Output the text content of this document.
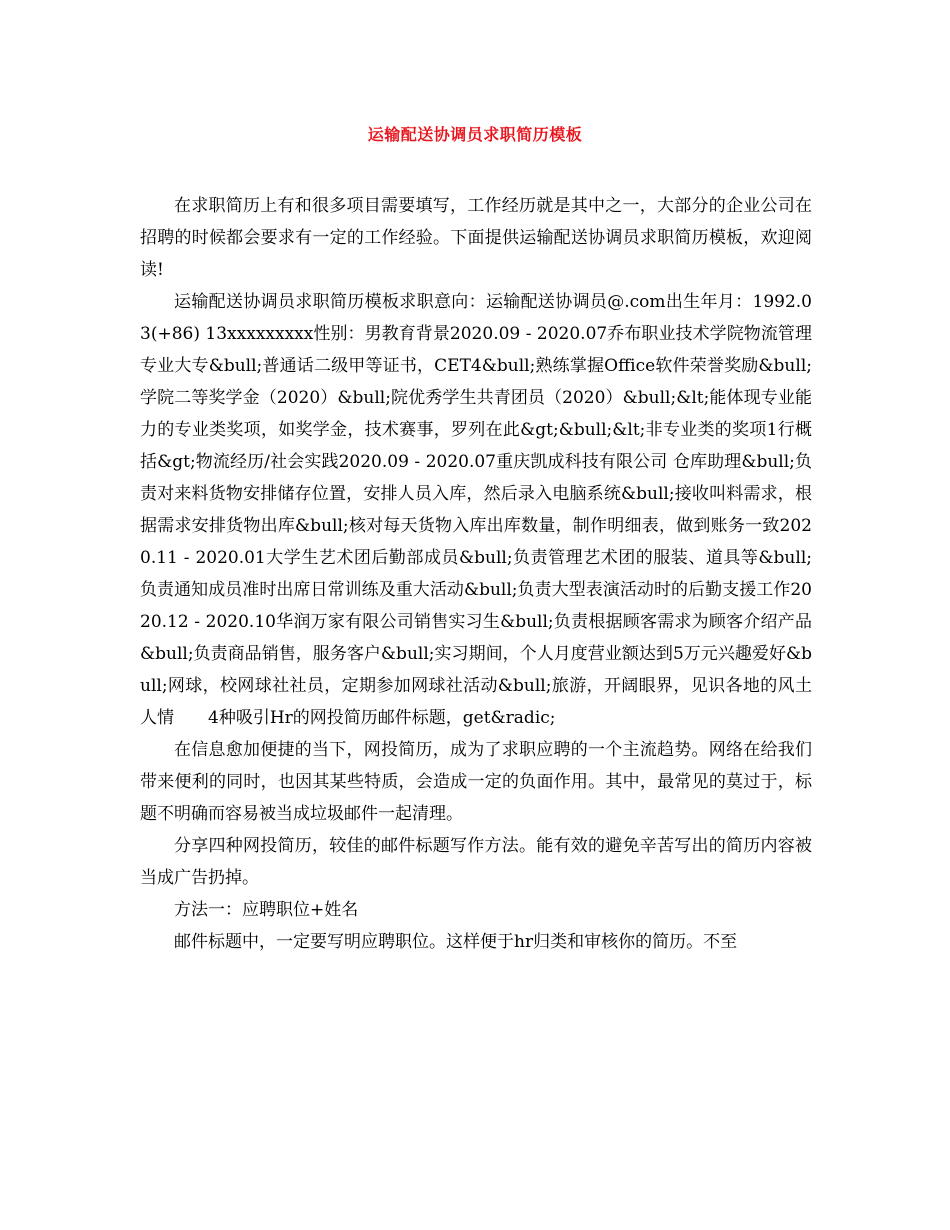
运输配送协调员求职简历模板

在求职简历上有和很多项目需要填写，工作经历就是其中之一，大部分的企业公司在招聘的时候都会要求有一定的工作经验。下面提供运输配送协调员求职简历模板，欢迎阅读!

运输配送协调员求职简历模板求职意向：运输配送协调员@.com出生年月：1992.03(+86) 13xxxxxxxxx性别：男教育背景2020.09 - 2020.07乔布职业技术学院物流管理专业大专&bull;普通话二级甲等证书，CET4&bull;熟练掌握Office软件荣誉奖励&bull;学院二等奖学金（2020）&bull;院优秀学生共青团员（2020）&bull;&lt;能体现专业能力的专业类奖项，如奖学金，技术赛事，罗列在此&gt;&bull;&lt;非专业类的奖项1行概括&gt;物流经历/社会实践2020.09 - 2020.07重庆凯成科技有限公司 仓库助理&bull;负责对来料货物安排储存位置，安排人员入库，然后录入电脑系统&bull;接收叫料需求，根据需求安排货物出库&bull;核对每天货物入库出库数量，制作明细表，做到账务一致2020.11 - 2020.01大学生艺术团后勤部成员&bull;负责管理艺术团的服装、道具等&bull;负责通知成员准时出席日常训练及重大活动&bull;负责大型表演活动时的后勤支援工作2020.12 - 2020.10华润万家有限公司销售实习生&bull;负责根据顾客需求为顾客介绍产品&bull;负责商品销售，服务客户&bull;实习期间，个人月度营业额达到5万元兴趣爱好&bull;网球，校网球社社员，定期参加网球社活动&bull;旅游，开阔眼界，见识各地的风土人情　　4种吸引Hr的网投简历邮件标题，get&radic;

在信息愈加便捷的当下，网投简历，成为了求职应聘的一个主流趋势。网络在给我们带来便利的同时，也因其某些特质，会造成一定的负面作用。其中，最常见的莫过于，标题不明确而容易被当成垃圾邮件一起清理。

分享四种网投简历，较佳的邮件标题写作方法。能有效的避免辛苦写出的简历内容被当成广告扔掉。

方法一：应聘职位+姓名

邮件标题中，一定要写明应聘职位。这样便于hr归类和审核你的简历。不至
